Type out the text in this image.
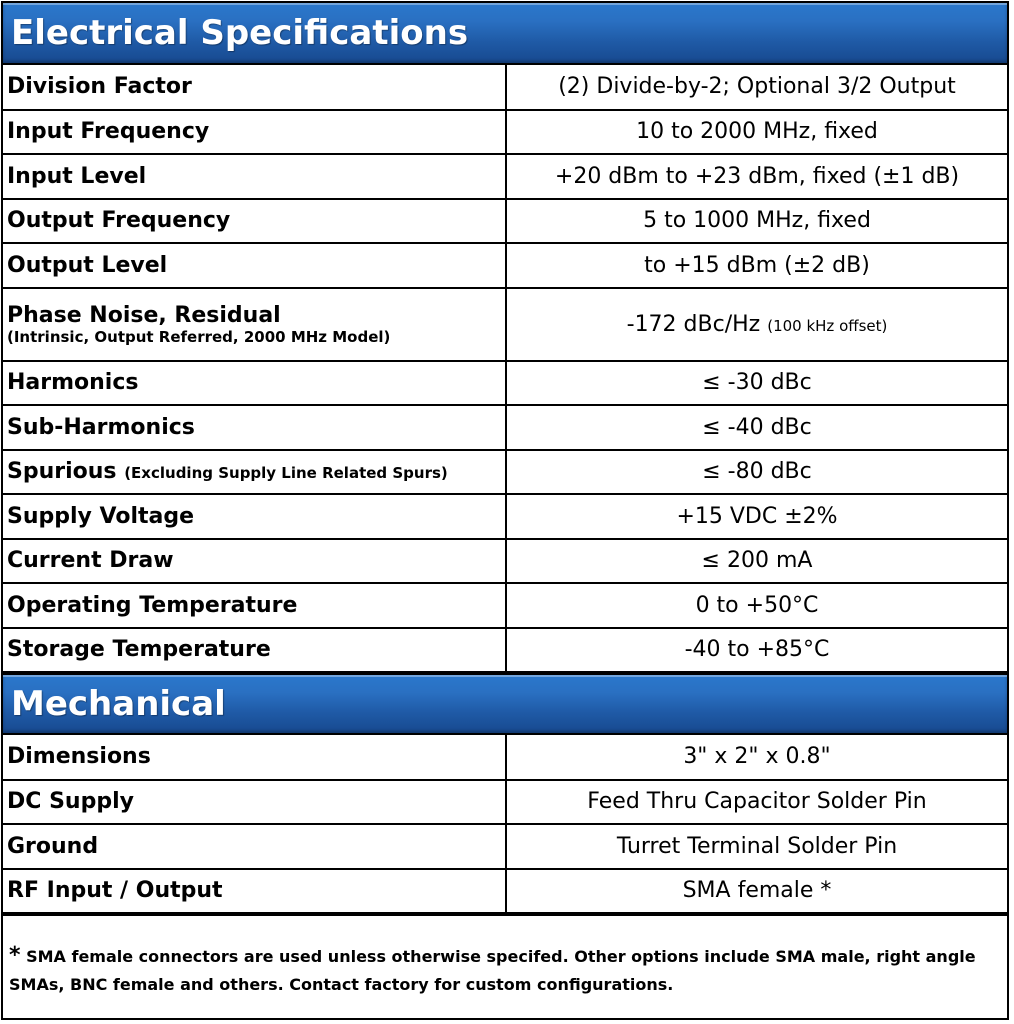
Electrical Specifications
Division Factor	(2) Divide-by-2; Optional 3/2 Output
Input Frequency	10 to 2000 MHz, fixed
Input Level	+20 dBm to +23 dBm, fixed (±1 dB)
Output Frequency	5 to 1000 MHz, fixed
Output Level	to +15 dBm (±2 dB)

Phase Noise, Residual
(Intrinsic, Output Referred, 2000 MHz Model)	-172 dBc/Hz (100 kHz offset)
Harmonics	≤ -30 dBc
Sub-Harmonics	≤ -40 dBc
Spurious (Excluding Supply Line Related Spurs)	≤ -80 dBc
Supply Voltage	+15 VDC ±2%
Current Draw	≤ 200 mA
Operating Temperature	0 to +50°C
Storage Temperature	-40 to +85°C
Mechanical
Dimensions	3" x 2" x 0.8"
DC Supply	Feed Thru Capacitor Solder Pin
Ground	Turret Terminal Solder Pin
RF Input / Output	SMA female *
* SMA female connectors are used unless otherwise specifed. Other options include SMA male, right angle SMAs, BNC female and others. Contact factory for custom configurations.
